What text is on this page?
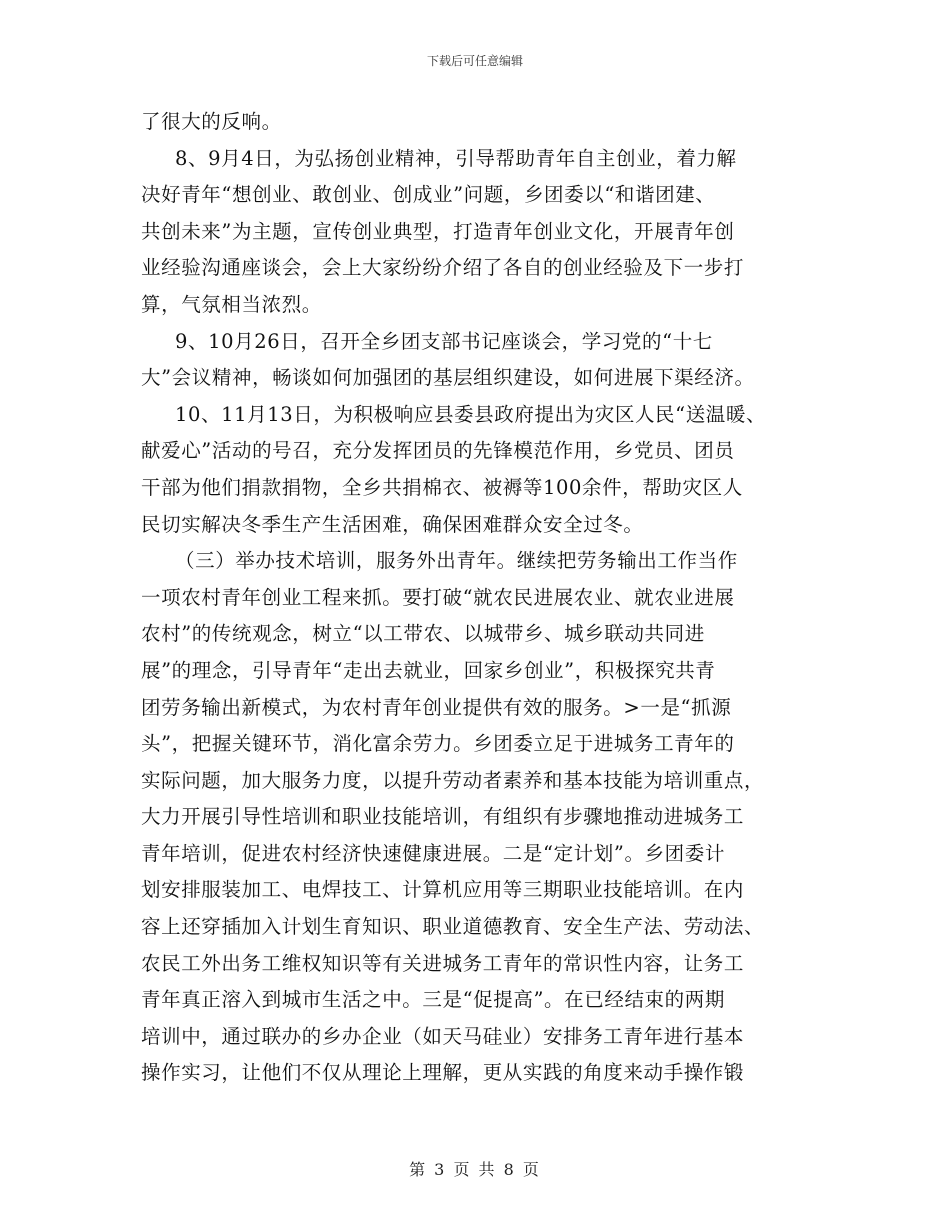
下载后可任意编辑
了很大的反响。
8、9月4日，为弘扬创业精神，引导帮助青年自主创业，着力解
决好青年“想创业、敢创业、创成业”问题，乡团委以“和谐团建、
共创未来”为主题，宣传创业典型，打造青年创业文化，开展青年创
业经验沟通座谈会，会上大家纷纷介绍了各自的创业经验及下一步打
算，气氛相当浓烈。
9、10月26日，召开全乡团支部书记座谈会，学习党的“十七
大”会议精神，畅谈如何加强团的基层组织建设，如何进展下渠经济。
10、11月13日，为积极响应县委县政府提出为灾区人民“送温暖、
献爱心”活动的号召，充分发挥团员的先锋模范作用，乡党员、团员
干部为他们捐款捐物，全乡共捐棉衣、被褥等100余件，帮助灾区人
民切实解决冬季生产生活困难，确保困难群众安全过冬。
（三）举办技术培训，服务外出青年。继续把劳务输出工作当作
一项农村青年创业工程来抓。要打破“就农民进展农业、就农业进展
农村”的传统观念，树立“以工带农、以城带乡、城乡联动共同进
展”的理念，引导青年“走出去就业，回家乡创业”，积极探究共青
团劳务输出新模式，为农村青年创业提供有效的服务。>一是“抓源
头”，把握关键环节，消化富余劳力。乡团委立足于进城务工青年的
实际问题，加大服务力度，以提升劳动者素养和基本技能为培训重点，
大力开展引导性培训和职业技能培训，有组织有步骤地推动进城务工
青年培训，促进农村经济快速健康进展。二是“定计划”。乡团委计
划安排服装加工、电焊技工、计算机应用等三期职业技能培训。在内
容上还穿插加入计划生育知识、职业道德教育、安全生产法、劳动法、
农民工外出务工维权知识等有关进城务工青年的常识性内容，让务工
青年真正溶入到城市生活之中。三是“促提高”。在已经结束的两期
培训中，通过联办的乡办企业（如天马硅业）安排务工青年进行基本
操作实习，让他们不仅从理论上理解，更从实践的角度来动手操作锻
第 3 页 共 8 页
